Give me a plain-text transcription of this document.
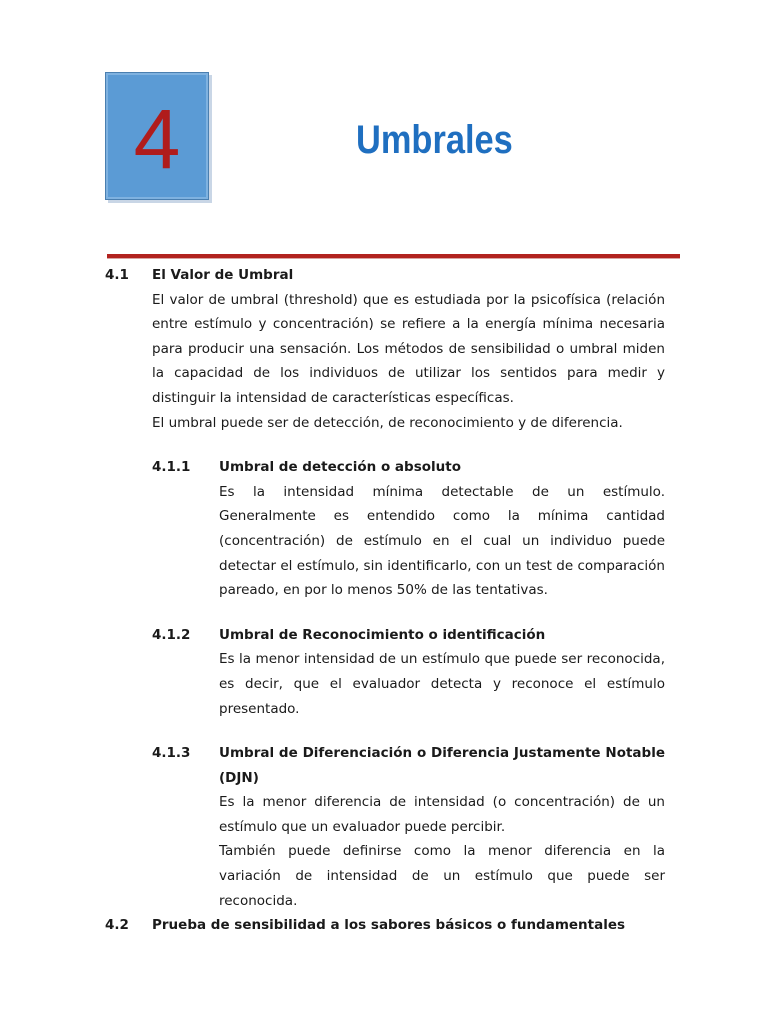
4	Umbrales
4.1	El Valor de Umbral
El valor de umbral (threshold) que es estudiada por la psicofísica (relación entre estímulo y concentración) se refiere a la energía mínima necesaria para producir una sensación. Los métodos de sensibilidad o umbral miden la capacidad de los individuos de utilizar los sentidos para medir y distinguir la intensidad de características específicas.
El umbral puede ser de detección, de reconocimiento y de diferencia.
4.1.1	Umbral de detección o absoluto
Es la intensidad mínima detectable de un estímulo. Generalmente es entendido como la mínima cantidad (concentración) de estímulo en el cual un individuo puede detectar el estímulo, sin identificarlo, con un test de comparación pareado, en por lo menos 50% de las tentativas.
4.1.2	Umbral de Reconocimiento o identificación
Es la menor intensidad de un estímulo que puede ser reconocida, es decir, que el evaluador detecta y reconoce el estímulo presentado.
4.1.3	Umbral de Diferenciación o Diferencia Justamente Notable (DJN)
Es la menor diferencia de intensidad (o concentración) de un estímulo que un evaluador puede percibir.
También puede definirse como la menor diferencia en la variación de intensidad de un estímulo que puede ser reconocida.
4.2	Prueba de sensibilidad a los sabores básicos o fundamentales
